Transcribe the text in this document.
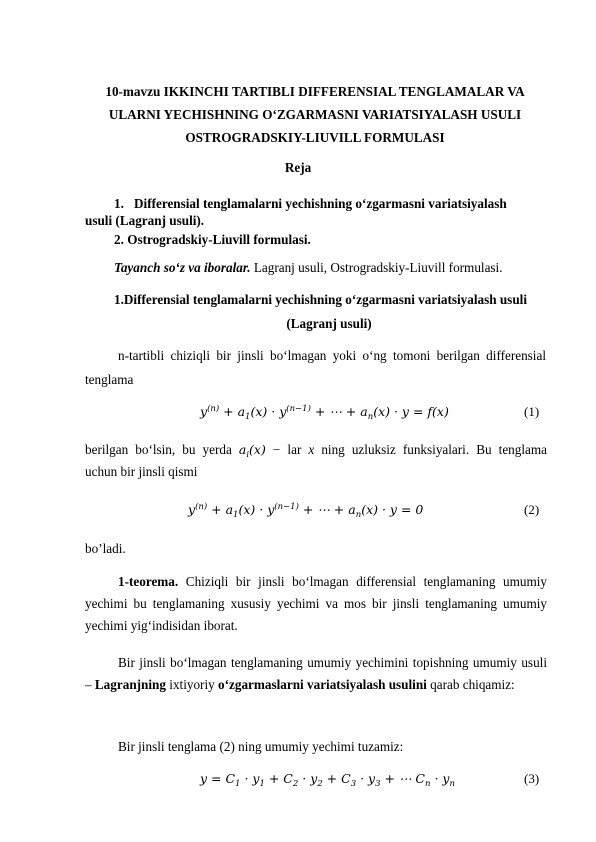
10-mavzu IKKINCHI TARTIBLI DIFFERENSIAL TENGLAMALAR VA ULARNI YECHISHNING O‘ZGARMASNI VARIATSIYALASH USULI OSTROGRADSKIY-LIUVILL FORMULASI

Reja

1. Differensial tenglamalarni yechishning o‘zgarmasni variatsiyalash
usuli (Lagranj usuli).
2. Ostrogradskiy-Liuvill formulasi.
Tayanch so‘z va iboralar. Lagranj usuli, Ostrogradskiy-Liuvill formulasi.
1.Differensial tenglamalarni yechishning o‘zgarmasni variatsiyalash usuli
(Lagranj usuli)
n-tartibli chiziqli bir jinsli bo‘lmagan yoki o‘ng tomoni berilgan differensial
tenglama
$y^{(n)} + a_1(x) \cdot y^{(n-1)}$ + ⋯ + $a_n(x) \cdot y = f(x)$	(1)
berilgan bo‘lsin, bu yerda $a_i(x)$ − lar x ning uzluksiz funksiyalari. Bu tenglama
uchun bir jinsli qismi
$y^{(n)} + a_1(x) \cdot y^{(n-1)}$ + ⋯ + $a_n(x) \cdot y = 0$	(2)
bo’ladi.
1-teorema. Chiziqli bir jinsli bo‘lmagan differensial tenglamaning umumiy yechimi bu tenglamaning xususiy yechimi va mos bir jinsli tenglamaning umumiy yechimi yig‘indisidan iborat.
Bir jinsli bo‘lmagan tenglamaning umumiy yechimini topishning umumiy usuli – Lagranjning ixtiyoriy o‘zgarmaslarni variatsiyalash usulini qarab chiqamiz:
Bir jinsli tenglama (2) ning umumiy yechimi tuzamiz:
$y = C_1 \cdot y_1 + C_2 \cdot y_2 + C_3 \cdot y_3$ + ⋯ $C_n \cdot y_n$	(3)
